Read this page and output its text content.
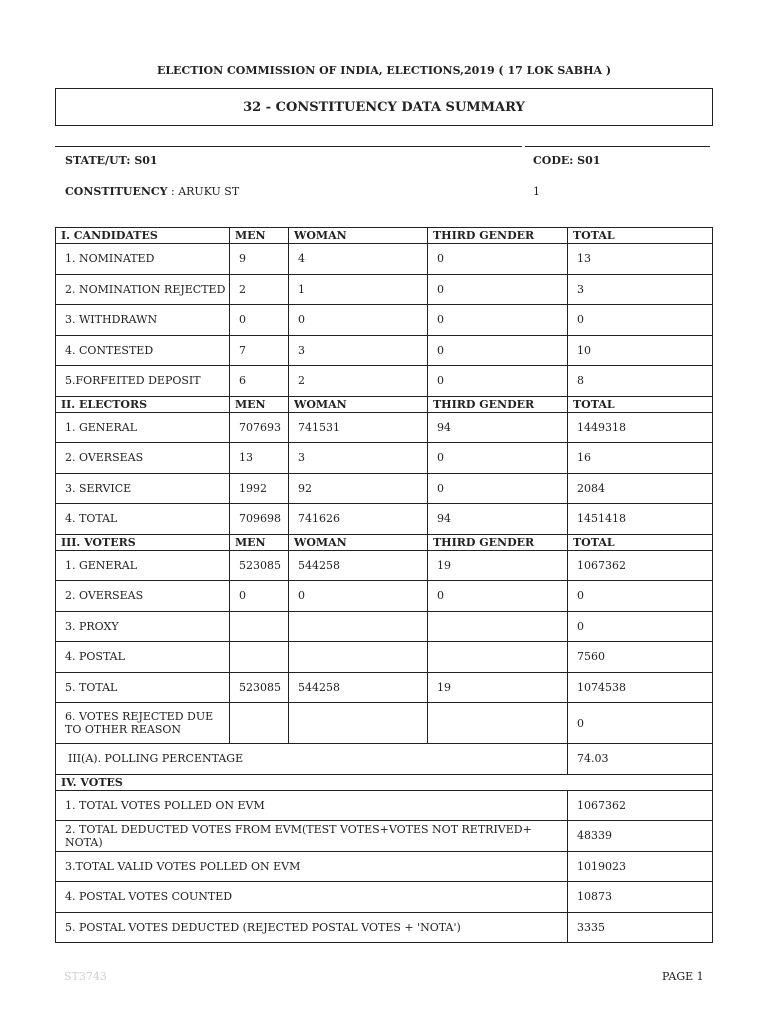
ELECTION COMMISSION OF INDIA, ELECTIONS,2019 ( 17 LOK SABHA )
32 - CONSTITUENCY DATA SUMMARY
STATE/UT: S01	CODE: S01
CONSTITUENCY : ARUKU ST	1
I. CANDIDATES	MEN	WOMAN	THIRD GENDER	TOTAL
1. NOMINATED	9	4	0	13
2. NOMINATION REJECTED	2	1	0	3
3. WITHDRAWN	0	0	0	0
4. CONTESTED	7	3	0	10
5.FORFEITED DEPOSIT	6	2	0	8
II. ELECTORS	MEN	WOMAN	THIRD GENDER	TOTAL
1. GENERAL	707693	741531	94	1449318
2. OVERSEAS	13	3	0	16
3. SERVICE	1992	92	0	2084
4. TOTAL	709698	741626	94	1451418
III. VOTERS	MEN	WOMAN	THIRD GENDER	TOTAL
1. GENERAL	523085	544258	19	1067362
2. OVERSEAS	0	0	0	0
3. PROXY				0
4. POSTAL				7560
5. TOTAL	523085	544258	19	1074538

6. VOTES REJECTED DUE
TO OTHER REASON				0
III(A). POLLING PERCENTAGE				74.03
IV. VOTES				
1. TOTAL VOTES POLLED ON EVM				1067362
2. TOTAL DEDUCTED VOTES FROM EVM(TEST VOTES+VOTES NOT RETRIVED+ NOTA)				48339
3.TOTAL VALID VOTES POLLED ON EVM				1019023
4. POSTAL VOTES COUNTED				10873
5. POSTAL VOTES DEDUCTED (REJECTED POSTAL VOTES + 'NOTA')				3335
ST3743	PAGE 1
